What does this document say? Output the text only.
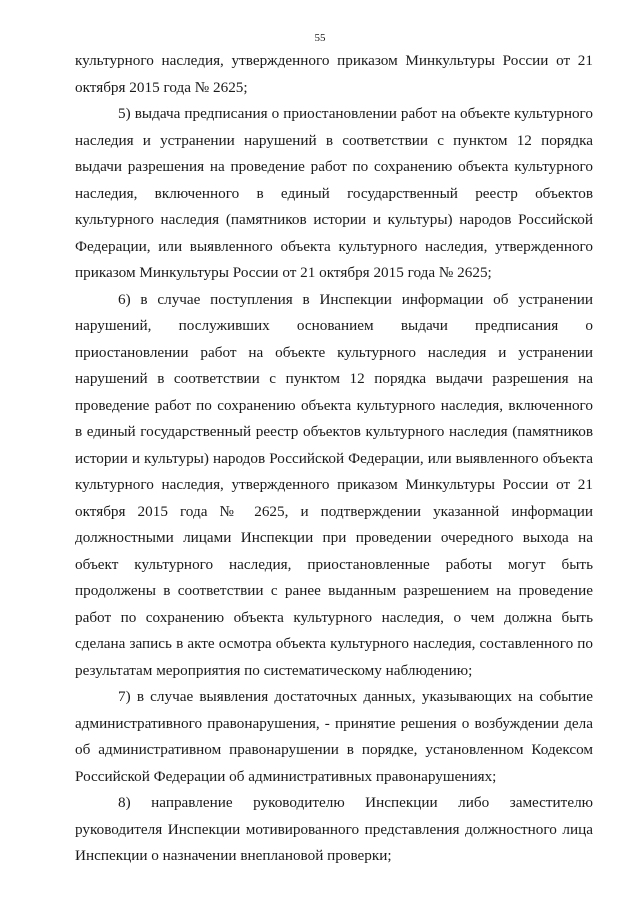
55

культурного наследия, утвержденного приказом Минкультуры России от 21 октября 2015 года № 2625;

5) выдача предписания о приостановлении работ на объекте культурного наследия и устранении нарушений в соответствии с пунктом 12 порядка выдачи разрешения на проведение работ по сохранению объекта культурного наследия, включенного в единый государственный реестр объектов культурного наследия (памятников истории и культуры) народов Российской Федерации, или выявленного объекта культурного наследия, утвержденного приказом Минкультуры России от 21 октября 2015 года № 2625;

6) в случае поступления в Инспекции информации об устранении нарушений, послуживших основанием выдачи предписания о приостановлении работ на объекте культурного наследия и устранении нарушений в соответствии с пунктом 12 порядка выдачи разрешения на проведение работ по сохранению объекта культурного наследия, включенного в единый государственный реестр объектов культурного наследия (памятников истории и культуры) народов Российской Федерации, или выявленного объекта культурного наследия, утвержденного приказом Минкультуры России от 21 октября 2015 года № 2625, и подтверждении указанной информации должностными лицами Инспекции при проведении очередного выхода на объект культурного наследия, приостановленные работы могут быть продолжены в соответствии с ранее выданным разрешением на проведение работ по сохранению объекта культурного наследия, о чем должна быть сделана запись в акте осмотра объекта культурного наследия, составленного по результатам мероприятия по систематическому наблюдению;

7) в случае выявления достаточных данных, указывающих на событие административного правонарушения, - принятие решения о возбуждении дела об административном правонарушении в порядке, установленном Кодексом Российской Федерации об административных правонарушениях;

8) направление руководителю Инспекции либо заместителю руководителя Инспекции мотивированного представления должностного лица Инспекции о назначении внеплановой проверки;
